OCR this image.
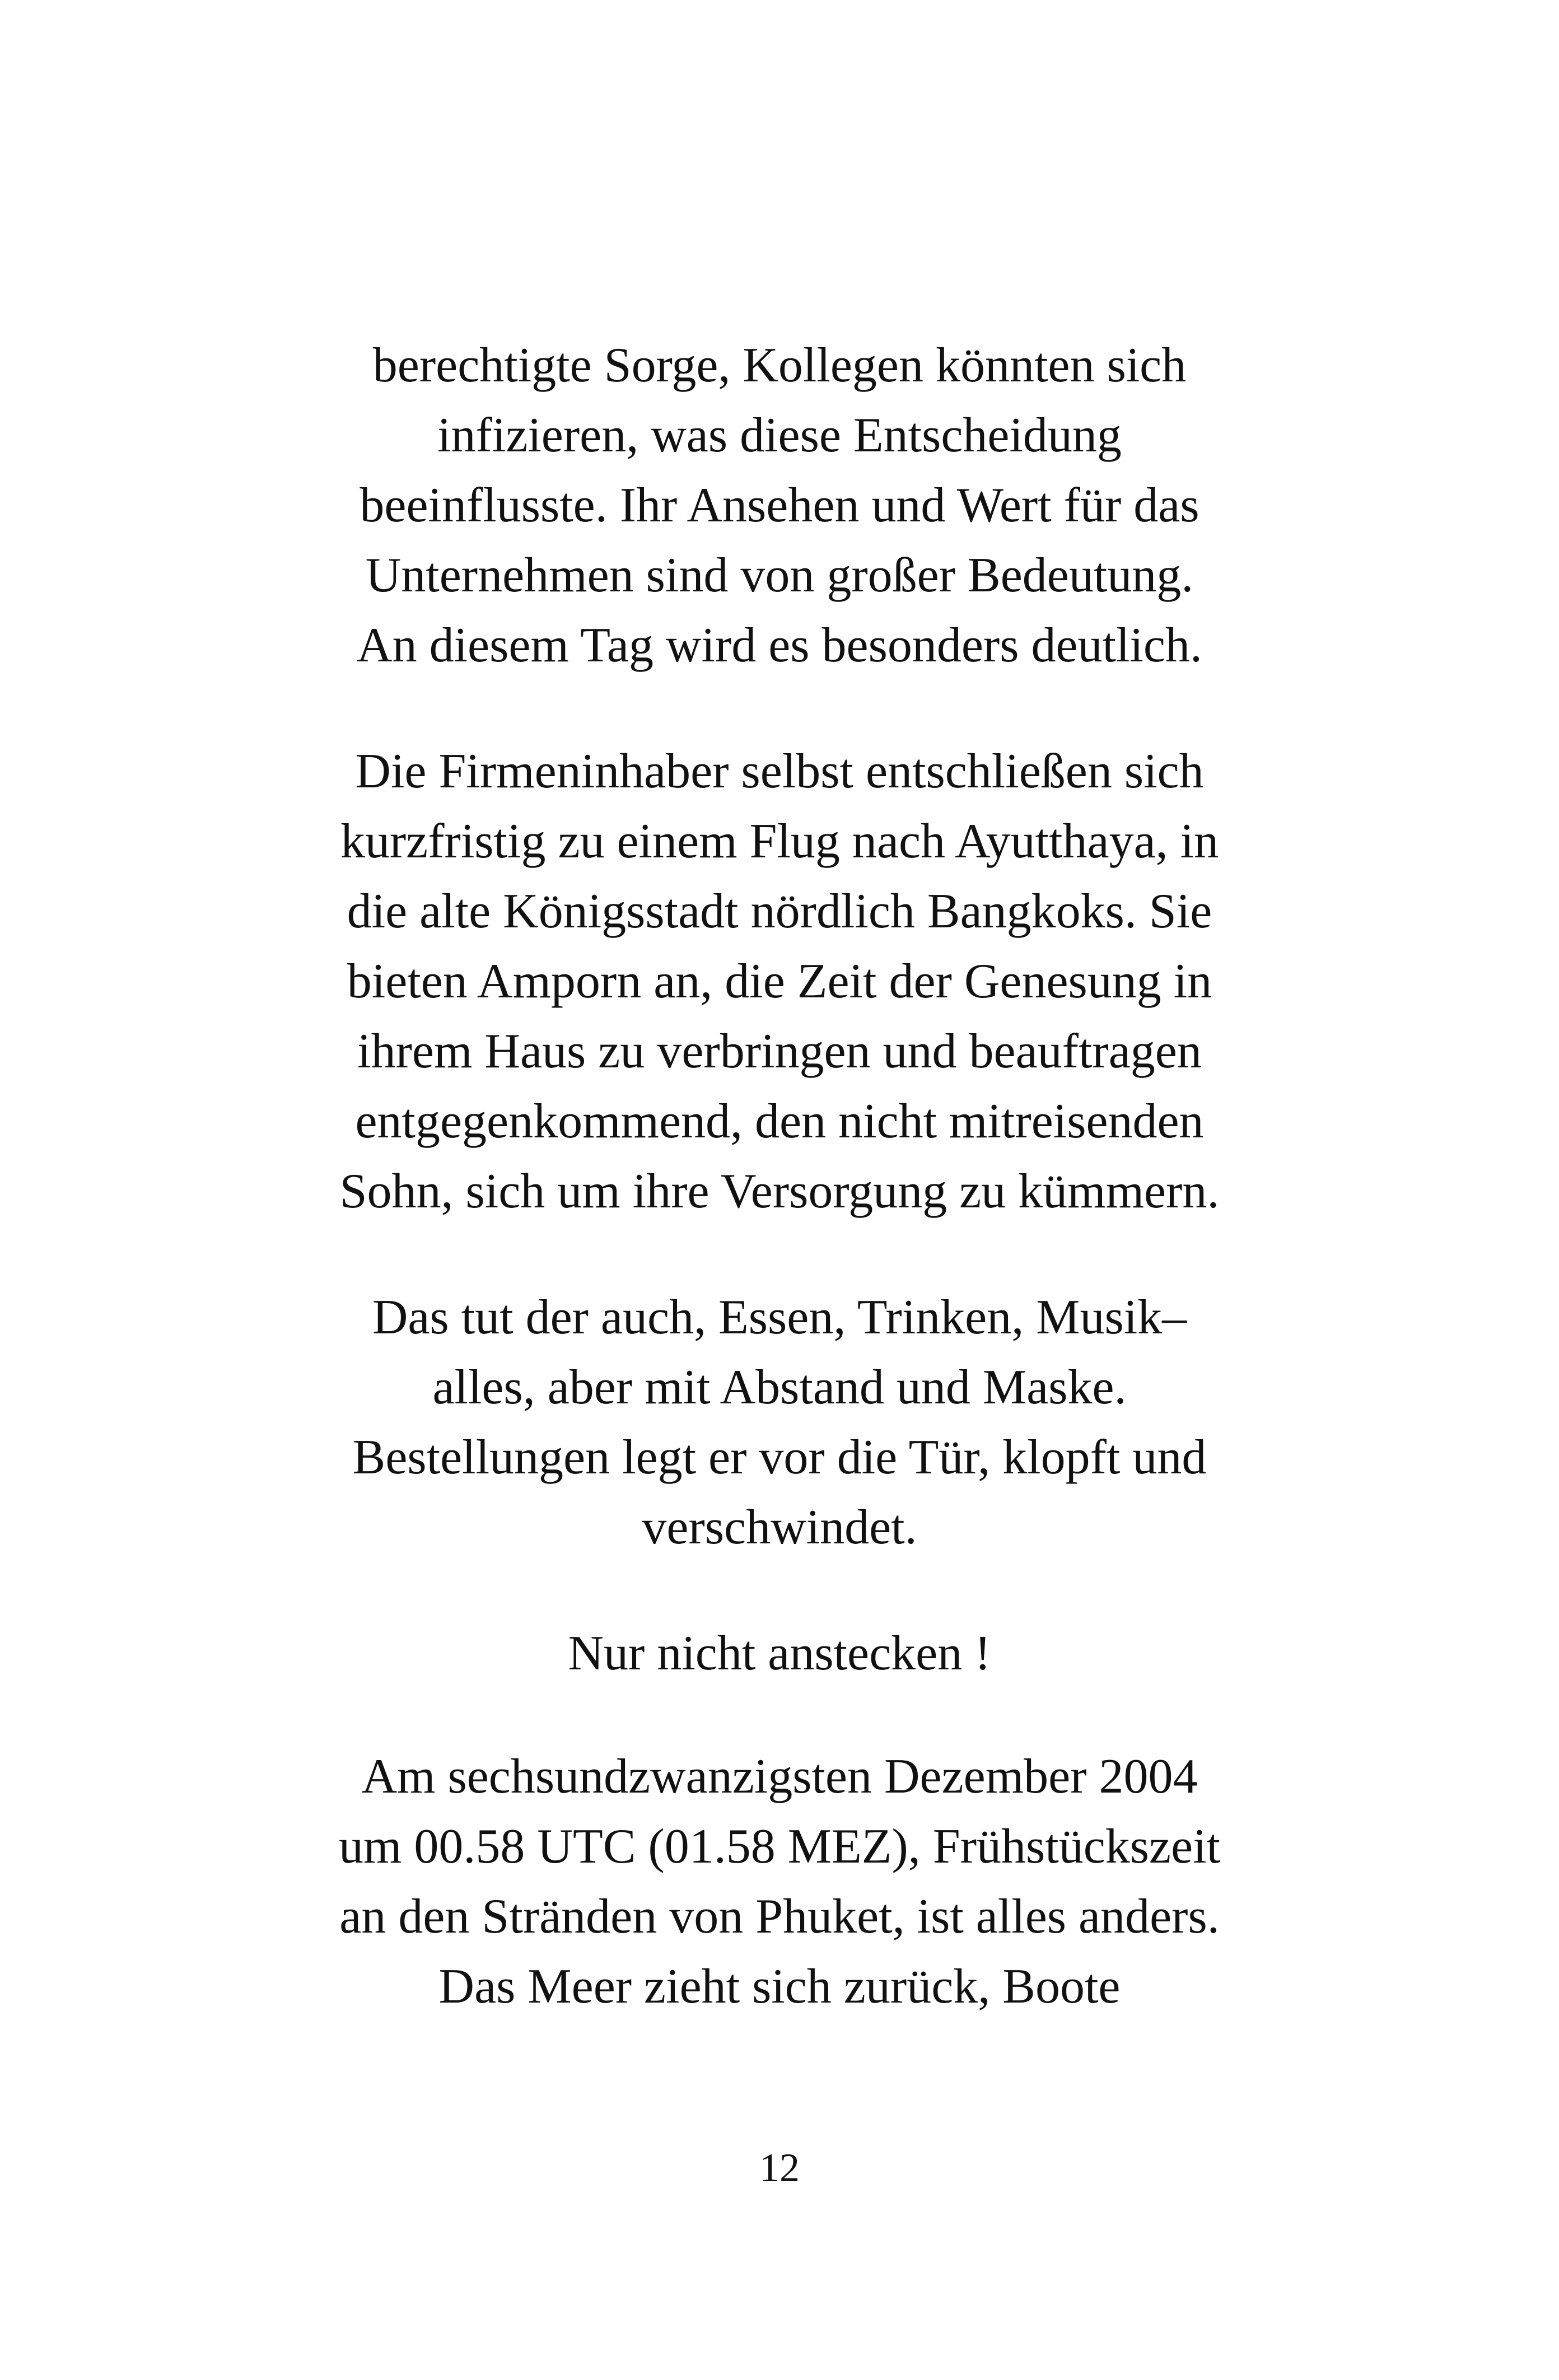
berechtigte Sorge, Kollegen könnten sich
infizieren, was diese Entscheidung
beeinflusste. Ihr Ansehen und Wert für das
Unternehmen sind von großer Bedeutung.
An diesem Tag wird es besonders deutlich.
Die Firmeninhaber selbst entschließen sich
kurzfristig zu einem Flug nach Ayutthaya, in
die alte Königsstadt nördlich Bangkoks. Sie
bieten Amporn an, die Zeit der Genesung in
ihrem Haus zu verbringen und beauftragen
entgegenkommend, den nicht mitreisenden
Sohn, sich um ihre Versorgung zu kümmern.
Das tut der auch, Essen, Trinken, Musik–
alles, aber mit Abstand und Maske.
Bestellungen legt er vor die Tür, klopft und
verschwindet.
Nur nicht anstecken !
Am sechsundzwanzigsten Dezember 2004
um 00.58 UTC (01.58 MEZ), Frühstückszeit
an den Stränden von Phuket, ist alles anders.
Das Meer zieht sich zurück, Boote
12
